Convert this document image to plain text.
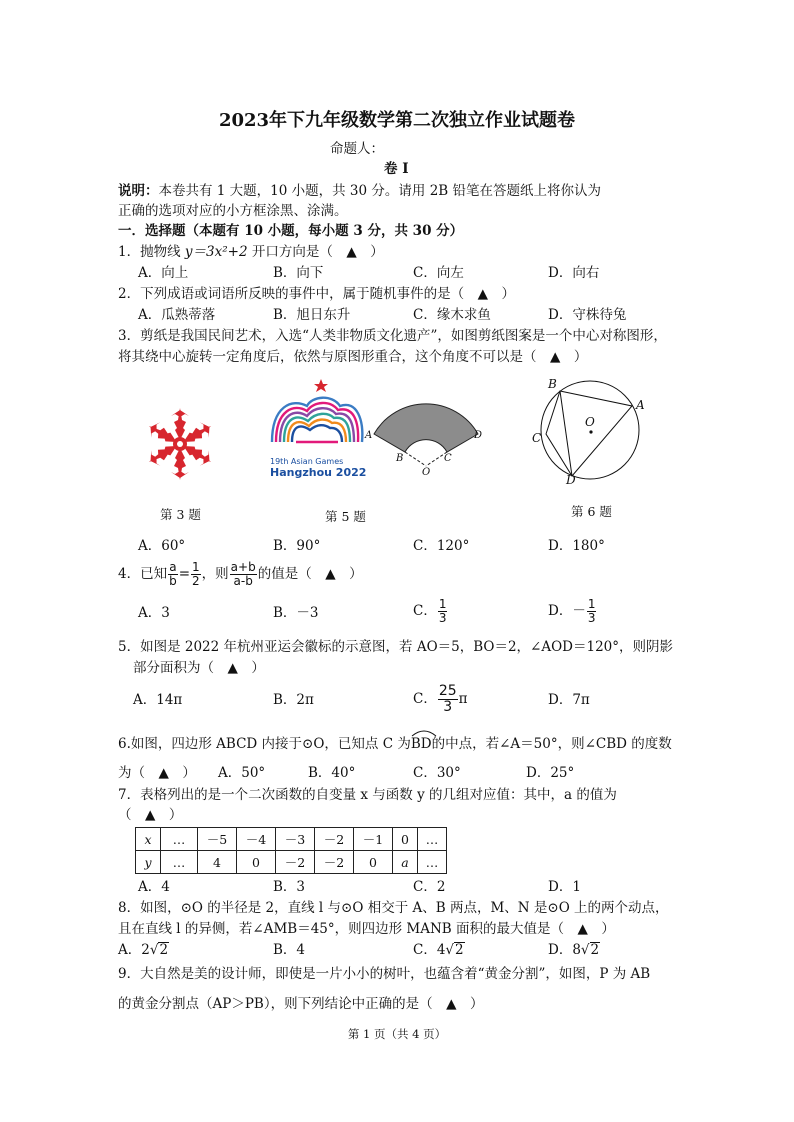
2023年下九年级数学第二次独立作业试题卷
命题人：
卷 I
说明：本卷共有 1 大题，10 小题，共 30 分。请用 2B 铅笔在答题纸上将你认为
正确的选项对应的小方框涂黑、涂满。
一．选择题（本题有 10 小题，每小题 3 分，共 30 分）
1．抛物线 y＝3x²+2 开口方向是（　▲　）
A．向上	B．向下	C．向左	D．向右
2．下列成语或词语所反映的事件中，属于随机事件的是（　▲　）
A．瓜熟蒂落	B．旭日东升	C．缘木求鱼	D．守株待兔
3．剪纸是我国民间艺术，入选“人类非物质文化遗产”，如图剪纸图案是一个中心对称图形，
将其绕中心旋转一定角度后，依然与原图形重合，这个角度不可以是（　▲　）
第 3 题
19th Asian Games
Hangzhou 2022
A
B
O
C
D
第 5 题
B
A
O
C
D
第 6 题
A．60°	B．90°	C．120°	D．180°
4．已知 $\frac{a}{b} = \frac{1}{2}$ ，则 $\frac{a+b}{a-b}$ 的值是（　▲　）
A．3	B．－3	C． $\frac{1}{3}$	D．－ $\frac{1}{3}$
5．如图是 2022 年杭州亚运会徽标的示意图，若 AO＝5，BO＝2，∠AOD＝120°，则阴影
部分面积为（　▲　）
A．14π	B．2π	C． $\frac{25}{3}$ π	D．7π
6.如图，四边形 ABCD 内接于⊙O，已知点 C 为
BD的中点，若∠A＝50°，则∠CBD 的度数
为（　▲　） A．50°	B．40°	C．30°	D．25°
7．表格列出的是一个二次函数的自变量 x 与函数 y 的几组对应值：其中，a 的值为
（　▲　）
x	…	－5	－4	－3	－2	－1	0	…
y	…	4	0	－2	－2	0	a	…
A．4	B．3	C．2	D．1
8．如图，⊙O 的半径是 2，直线 l 与⊙O 相交于 A、B 两点，M、N 是⊙O 上的两个动点，
且在直线 l 的异侧，若∠AMB＝45°，则四边形 MANB 面积的最大值是（　▲　）
A．2√2	B．4	C．4√2	D．8√2
9．大自然是美的设计师，即使是一片小小的树叶，也蕴含着“黄金分割”，如图，P 为 AB
的黄金分割点（AP＞PB），则下列结论中正确的是（　▲　）
第 1 页（共 4 页）
